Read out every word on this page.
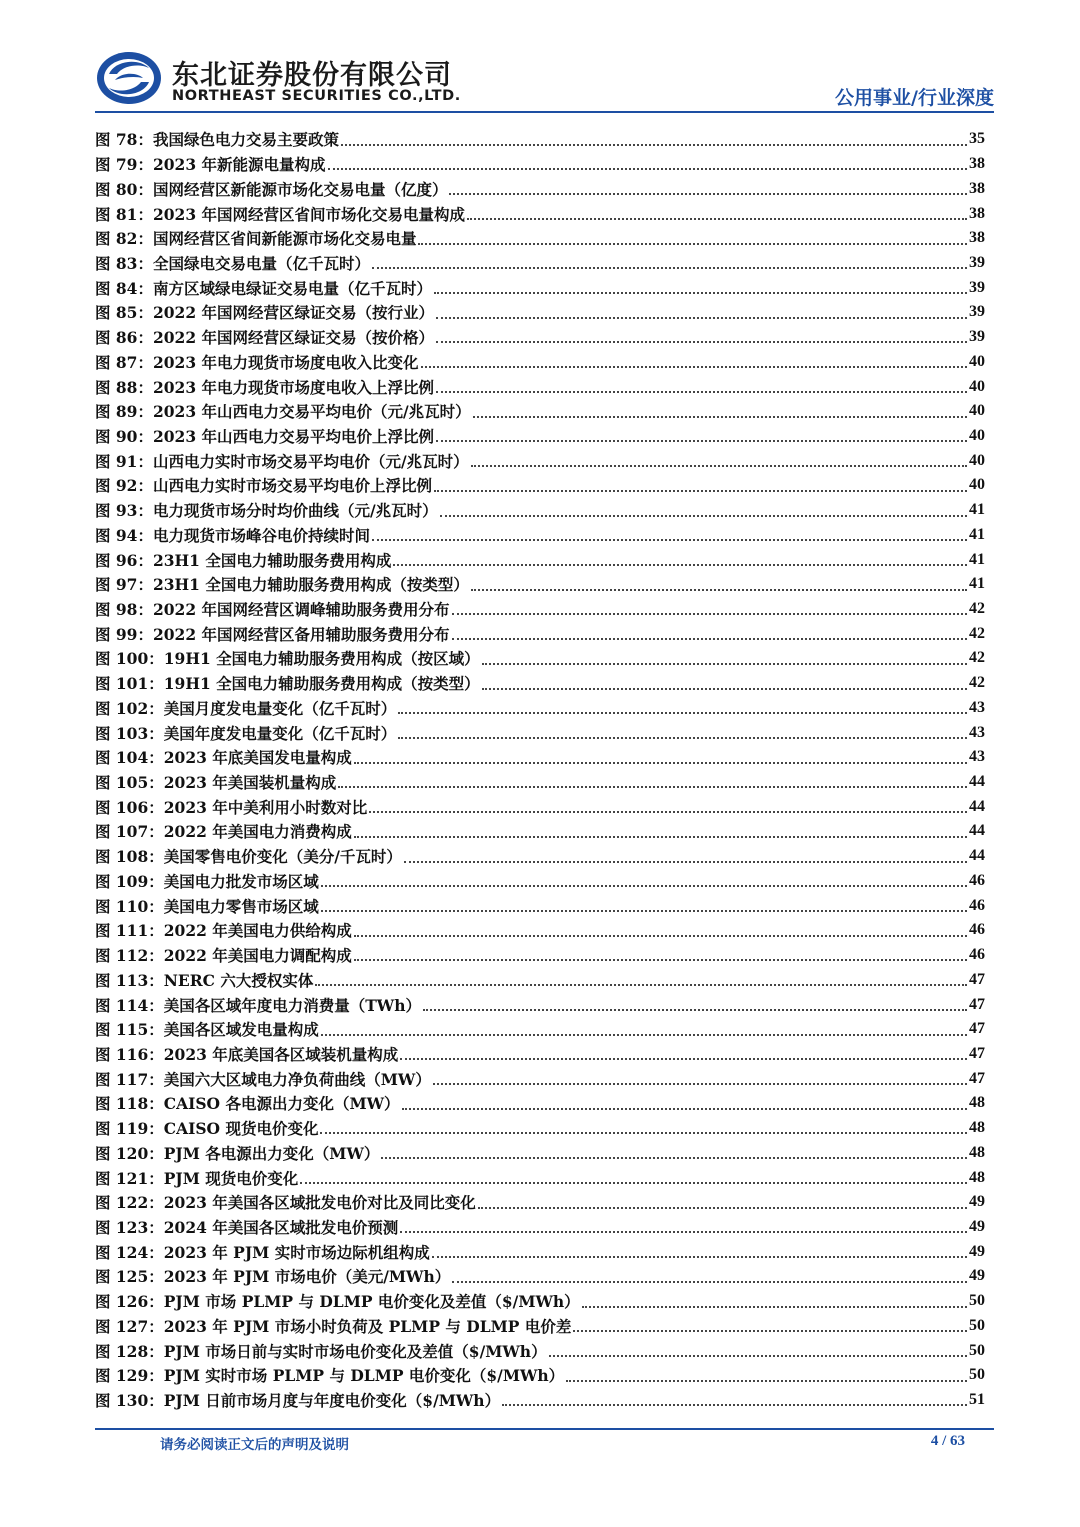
东北证券股份有限公司
NORTHEAST SECURITIES CO.,LTD.	公用事业/行业深度
图 78：我国绿色电力交易主要政策	35
图 79：2023 年新能源电量构成	38
图 80：国网经营区新能源市场化交易电量（亿度）	38
图 81：2023 年国网经营区省间市场化交易电量构成	38
图 82：国网经营区省间新能源市场化交易电量	38
图 83：全国绿电交易电量（亿千瓦时）	39
图 84：南方区域绿电绿证交易电量（亿千瓦时）	39
图 85：2022 年国网经营区绿证交易（按行业）	39
图 86：2022 年国网经营区绿证交易（按价格）	39
图 87：2023 年电力现货市场度电收入比变化	40
图 88：2023 年电力现货市场度电收入上浮比例	40
图 89：2023 年山西电力交易平均电价（元/兆瓦时）	40
图 90：2023 年山西电力交易平均电价上浮比例	40
图 91：山西电力实时市场交易平均电价（元/兆瓦时）	40
图 92：山西电力实时市场交易平均电价上浮比例	40
图 93：电力现货市场分时均价曲线（元/兆瓦时）	41
图 94：电力现货市场峰谷电价持续时间	41
图 96：23H1 全国电力辅助服务费用构成	41
图 97：23H1 全国电力辅助服务费用构成（按类型）	41
图 98：2022 年国网经营区调峰辅助服务费用分布	42
图 99：2022 年国网经营区备用辅助服务费用分布	42
图 100：19H1 全国电力辅助服务费用构成（按区域）	42
图 101：19H1 全国电力辅助服务费用构成（按类型）	42
图 102：美国月度发电量变化（亿千瓦时）	43
图 103：美国年度发电量变化（亿千瓦时）	43
图 104：2023 年底美国发电量构成	43
图 105：2023 年美国装机量构成	44
图 106：2023 年中美利用小时数对比	44
图 107：2022 年美国电力消费构成	44
图 108：美国零售电价变化（美分/千瓦时）	44
图 109：美国电力批发市场区域	46
图 110：美国电力零售市场区域	46
图 111：2022 年美国电力供给构成	46
图 112：2022 年美国电力调配构成	46
图 113：NERC 六大授权实体	47
图 114：美国各区域年度电力消费量（TWh）	47
图 115：美国各区域发电量构成	47
图 116：2023 年底美国各区域装机量构成	47
图 117：美国六大区域电力净负荷曲线（MW）	47
图 118：CAISO 各电源出力变化（MW）	48
图 119：CAISO 现货电价变化	48
图 120：PJM 各电源出力变化（MW）	48
图 121：PJM 现货电价变化	48
图 122：2023 年美国各区域批发电价对比及同比变化	49
图 123：2024 年美国各区域批发电价预测	49
图 124：2023 年 PJM 实时市场边际机组构成	49
图 125：2023 年 PJM 市场电价（美元/MWh）	49
图 126：PJM 市场 PLMP 与 DLMP 电价变化及差值（$/MWh）	50
图 127：2023 年 PJM 市场小时负荷及 PLMP 与 DLMP 电价差	50
图 128：PJM 市场日前与实时市场电价变化及差值（$/MWh）	50
图 129：PJM 实时市场 PLMP 与 DLMP 电价变化（$/MWh）	50
图 130：PJM 日前市场月度与年度电价变化（$/MWh）	51
请务必阅读正文后的声明及说明	4 / 63
